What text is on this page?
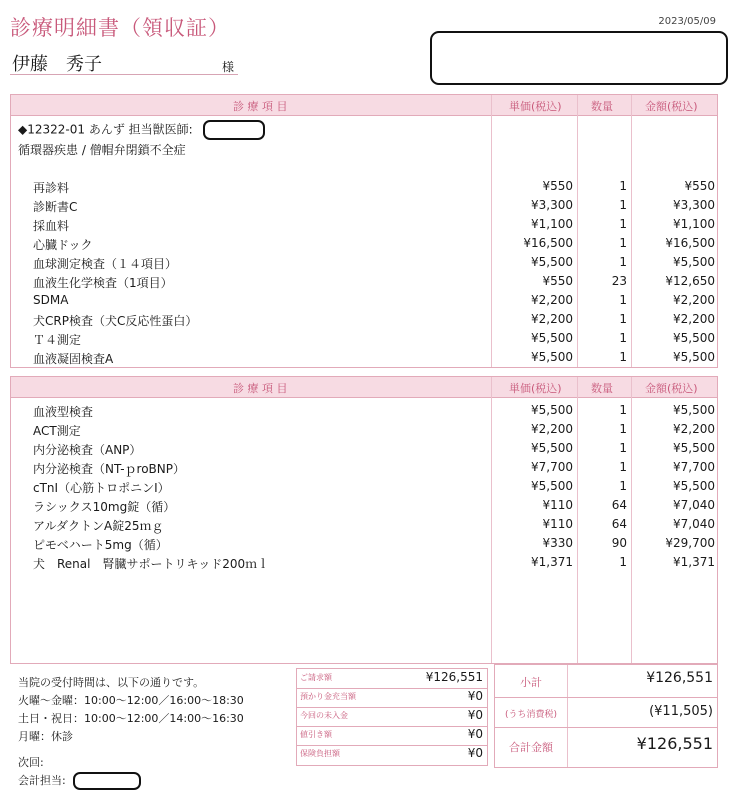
診療明細書（領収証）	2023/05/09
伊藤　秀子	様
診 療 項 目	単価(税込)	数量	金額(税込)
再診料	¥550	1	¥550
診断書C	¥3,300	1	¥3,300
採血料	¥1,100	1	¥1,100
心臓ドック	¥16,500	1	¥16,500
血球測定検査（１４項目）	¥5,500	1	¥5,500
血液生化学検査（1項目）	¥550	23	¥12,650
SDMA	¥2,200	1	¥2,200
犬CRP検査（犬C反応性蛋白）	¥2,200	1	¥2,200
Ｔ４測定	¥5,500	1	¥5,500
血液凝固検査A	¥5,500	1	¥5,500
◆12322-01 あんず 担当獣医師:
循環器疾患 / 僧帽弁閉鎖不全症
診 療 項 目	単価(税込)	数量	金額(税込)
血液型検査	¥5,500	1	¥5,500
ACT測定	¥2,200	1	¥2,200
内分泌検査（ANP）	¥5,500	1	¥5,500
内分泌検査（NT-ｐroBNP）	¥7,700	1	¥7,700
cTnI（心筋トロポニンI）	¥5,500	1	¥5,500
ラシックス10mg錠（循）	¥110	64	¥7,040
アルダクトンA錠25ｍｇ	¥110	64	¥7,040
ピモベハート5mg（循）	¥330	90	¥29,700
犬　Renal　腎臓サポートリキッド200ｍｌ	¥1,371	1	¥1,371
当院の受付時間は、以下の通りです。
火曜～金曜：10:00～12:00／16:00～18:30
土日・祝日：10:00～12:00／14:00～16:30
月曜：休診
ご請求額	¥126,551
預かり金充当額	¥0
今回の未入金	¥0
値引き額	¥0
保険負担額	¥0
小計	¥126,551
(うち消費税)	(¥11,505)
合計金額	¥126,551
次回:
会計担当:
